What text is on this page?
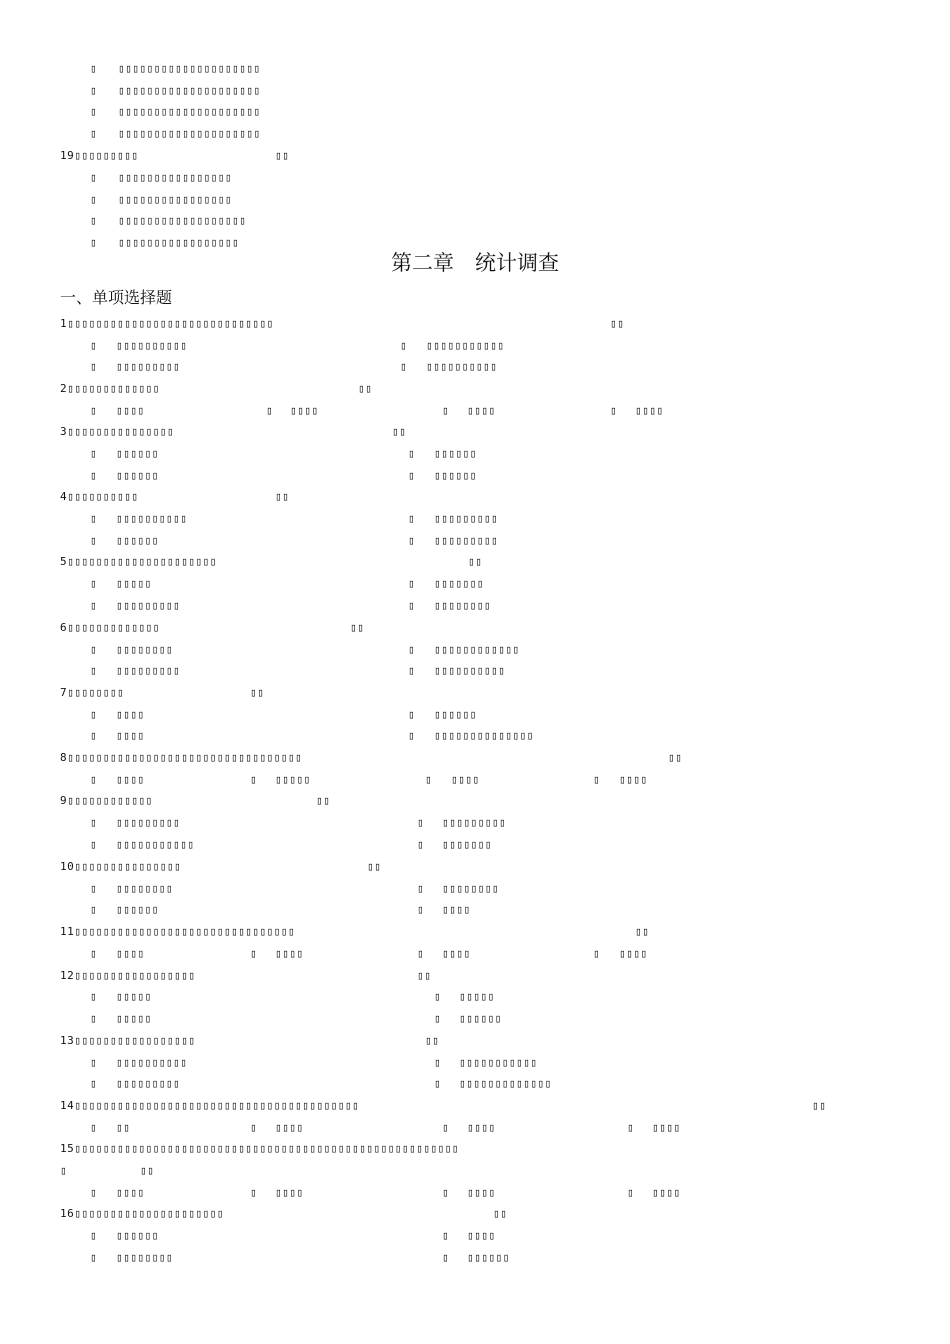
第二章　统计调查
一、单项选择题
▯ ▯▯▯▯▯▯▯▯▯▯▯▯▯▯▯▯▯▯▯▯
▯ ▯▯▯▯▯▯▯▯▯▯▯▯▯▯▯▯▯▯▯▯
▯ ▯▯▯▯▯▯▯▯▯▯▯▯▯▯▯▯▯▯▯▯
▯ ▯▯▯▯▯▯▯▯▯▯▯▯▯▯▯▯▯▯▯▯
19▯▯▯▯▯▯▯▯▯	▯▯
▯ ▯▯▯▯▯▯▯▯▯▯▯▯▯▯▯▯
▯ ▯▯▯▯▯▯▯▯▯▯▯▯▯▯▯▯
▯ ▯▯▯▯▯▯▯▯▯▯▯▯▯▯▯▯▯▯
▯ ▯▯▯▯▯▯▯▯▯▯▯▯▯▯▯▯▯
1▯▯▯▯▯▯▯▯▯▯▯▯▯▯▯▯▯▯▯▯▯▯▯▯▯▯▯▯▯	▯▯
▯ ▯▯▯▯▯▯▯▯▯▯	▯ ▯▯▯▯▯▯▯▯▯▯▯
▯ ▯▯▯▯▯▯▯▯▯	▯ ▯▯▯▯▯▯▯▯▯▯
2▯▯▯▯▯▯▯▯▯▯▯▯▯	▯▯
▯ ▯▯▯▯	▯ ▯▯▯▯	▯ ▯▯▯▯	▯ ▯▯▯▯
3▯▯▯▯▯▯▯▯▯▯▯▯▯▯▯	▯▯
▯ ▯▯▯▯▯▯	▯ ▯▯▯▯▯▯
▯ ▯▯▯▯▯▯	▯ ▯▯▯▯▯▯
4▯▯▯▯▯▯▯▯▯▯	▯▯
▯ ▯▯▯▯▯▯▯▯▯▯	▯ ▯▯▯▯▯▯▯▯▯
▯ ▯▯▯▯▯▯	▯ ▯▯▯▯▯▯▯▯▯
5▯▯▯▯▯▯▯▯▯▯▯▯▯▯▯▯▯▯▯▯▯	▯▯
▯ ▯▯▯▯▯	▯ ▯▯▯▯▯▯▯
▯ ▯▯▯▯▯▯▯▯▯	▯ ▯▯▯▯▯▯▯▯
6▯▯▯▯▯▯▯▯▯▯▯▯▯	▯▯
▯ ▯▯▯▯▯▯▯▯	▯ ▯▯▯▯▯▯▯▯▯▯▯▯
▯ ▯▯▯▯▯▯▯▯▯	▯ ▯▯▯▯▯▯▯▯▯▯
7▯▯▯▯▯▯▯▯	▯▯
▯ ▯▯▯▯	▯ ▯▯▯▯▯▯
▯ ▯▯▯▯	▯ ▯▯▯▯▯▯▯▯▯▯▯▯▯▯
8▯▯▯▯▯▯▯▯▯▯▯▯▯▯▯▯▯▯▯▯▯▯▯▯▯▯▯▯▯▯▯▯▯	▯▯
▯ ▯▯▯▯	▯ ▯▯▯▯▯	▯ ▯▯▯▯	▯ ▯▯▯▯
9▯▯▯▯▯▯▯▯▯▯▯▯	▯▯
▯ ▯▯▯▯▯▯▯▯▯	▯ ▯▯▯▯▯▯▯▯▯
▯ ▯▯▯▯▯▯▯▯▯▯▯	▯ ▯▯▯▯▯▯▯
10▯▯▯▯▯▯▯▯▯▯▯▯▯▯▯	▯▯
▯ ▯▯▯▯▯▯▯▯	▯ ▯▯▯▯▯▯▯▯
▯ ▯▯▯▯▯▯	▯ ▯▯▯▯
11▯▯▯▯▯▯▯▯▯▯▯▯▯▯▯▯▯▯▯▯▯▯▯▯▯▯▯▯▯▯▯	▯▯
▯ ▯▯▯▯	▯ ▯▯▯▯	▯ ▯▯▯▯	▯ ▯▯▯▯
12▯▯▯▯▯▯▯▯▯▯▯▯▯▯▯▯▯	▯▯
▯ ▯▯▯▯▯	▯ ▯▯▯▯▯
▯ ▯▯▯▯▯	▯ ▯▯▯▯▯▯
13▯▯▯▯▯▯▯▯▯▯▯▯▯▯▯▯▯	▯▯
▯ ▯▯▯▯▯▯▯▯▯▯	▯ ▯▯▯▯▯▯▯▯▯▯▯
▯ ▯▯▯▯▯▯▯▯▯	▯ ▯▯▯▯▯▯▯▯▯▯▯▯▯
14▯▯▯▯▯▯▯▯▯▯▯▯▯▯▯▯▯▯▯▯▯▯▯▯▯▯▯▯▯▯▯▯▯▯▯▯▯▯▯▯	▯▯
▯ ▯▯	▯ ▯▯▯▯	▯ ▯▯▯▯	▯ ▯▯▯▯
15▯▯▯▯▯▯▯▯▯▯▯▯▯▯▯▯▯▯▯▯▯▯▯▯▯▯▯▯▯▯▯▯▯▯▯▯▯▯▯▯▯▯▯▯▯▯▯▯▯▯▯▯▯▯
▯	▯▯
▯ ▯▯▯▯	▯ ▯▯▯▯	▯ ▯▯▯▯	▯ ▯▯▯▯
16▯▯▯▯▯▯▯▯▯▯▯▯▯▯▯▯▯▯▯▯▯	▯▯
▯ ▯▯▯▯▯▯	▯ ▯▯▯▯
▯ ▯▯▯▯▯▯▯▯	▯ ▯▯▯▯▯▯
